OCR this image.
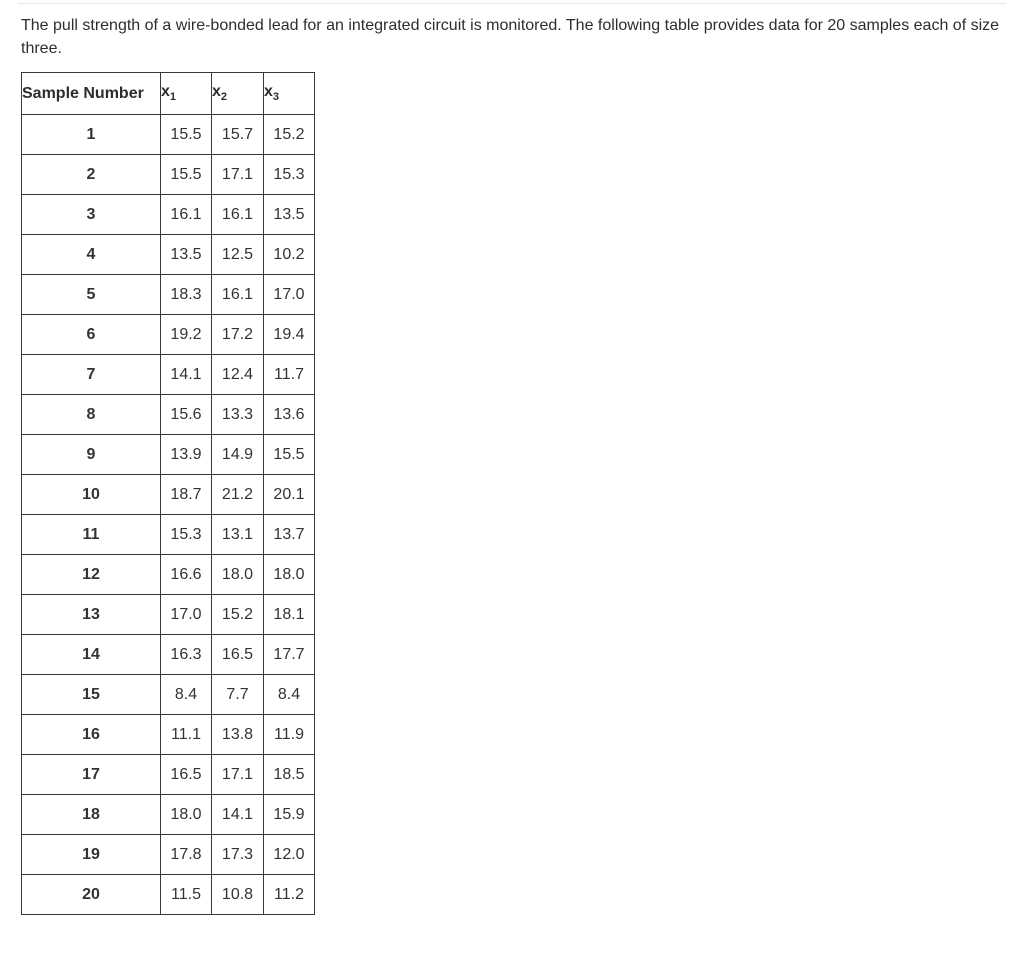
The pull strength of a wire-bonded lead for an integrated circuit is monitored. The following table provides data for 20 samples each of size three.

Sample Number	$x_1$	$x_2$	$x_3$
1	15.5	15.7	15.2
2	15.5	17.1	15.3
3	16.1	16.1	13.5
4	13.5	12.5	10.2
5	18.3	16.1	17.0
6	19.2	17.2	19.4
7	14.1	12.4	11.7
8	15.6	13.3	13.6
9	13.9	14.9	15.5
10	18.7	21.2	20.1
11	15.3	13.1	13.7
12	16.6	18.0	18.0
13	17.0	15.2	18.1
14	16.3	16.5	17.7
15	8.4	7.7	8.4
16	11.1	13.8	11.9
17	16.5	17.1	18.5
18	18.0	14.1	15.9
19	17.8	17.3	12.0
20	11.5	10.8	11.2
